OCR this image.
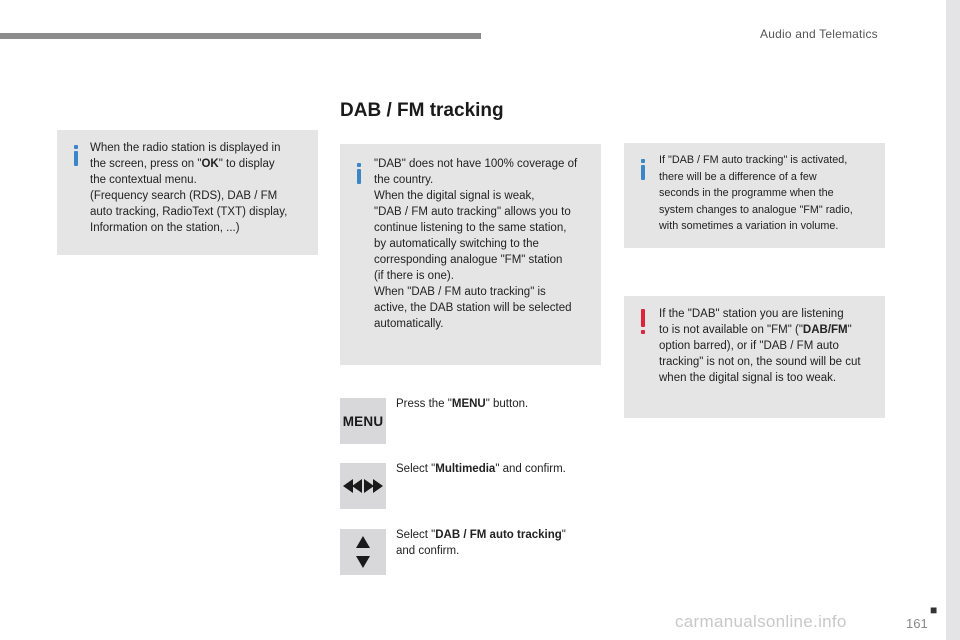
Audio and Telematics
DAB / FM tracking

When the radio station is displayed in
the screen, press on "OK" to display
the contextual menu.
(Frequency search (RDS), DAB / FM
auto tracking, RadioText (TXT) display,
Information on the station, ...)

"DAB" does not have 100% coverage of
the country.
When the digital signal is weak,
"DAB / FM auto tracking" allows you to
continue listening to the same station,
by automatically switching to the
corresponding analogue "FM" station
(if there is one).
When "DAB / FM auto tracking" is
active, the DAB station will be selected
automatically.

If "DAB / FM auto tracking" is activated,
there will be a difference of a few
seconds in the programme when the
system changes to analogue "FM" radio,
with sometimes a variation in volume.

If the "DAB" station you are listening
to is not available on "FM" ("DAB/FM"
option barred), or if "DAB / FM auto
tracking" is not on, the sound will be cut
when the digital signal is too weak.

MENU
Press the "MENU" button.
Select "Multimedia" and confirm.
Select "DAB / FM auto tracking"
and confirm.
carmanualsonline.info
■
161
